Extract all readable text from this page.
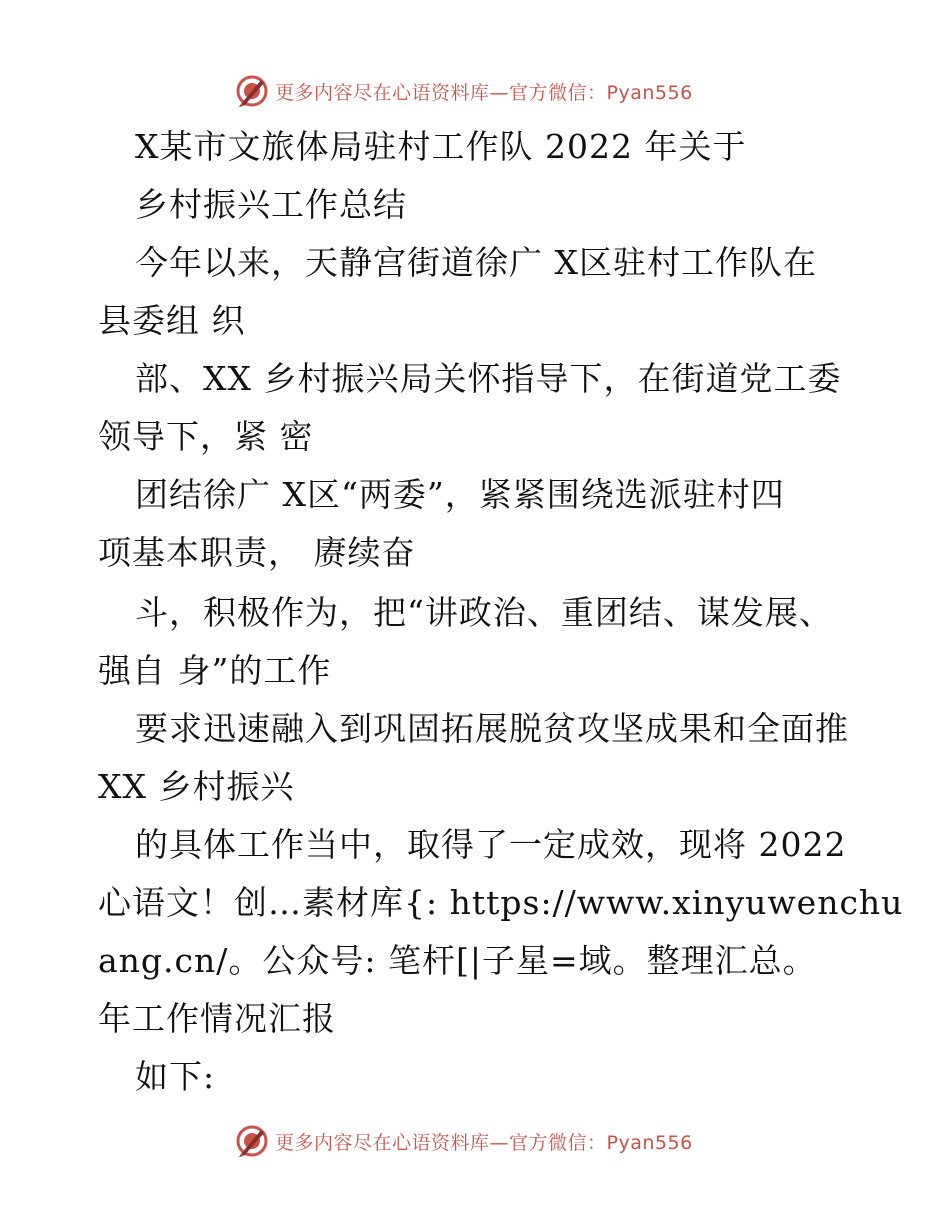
更多内容尽在心语资料库—官方微信：Pyan556
X某市文旅体局驻村工作队 2022 年关于
乡村振兴工作总结
今年以来，天静宫街道徐广 X区驻村工作队在
县委组 织
部、XX 乡村振兴局关怀指导下，在街道党工委
领导下，紧 密
团结徐广 X区“两委”，紧紧围绕选派驻村四
项基本职责， 赓续奋
斗，积极作为，把“讲政治、重团结、谋发展、
强自 身”的工作
要求迅速融入到巩固拓展脱贫攻坚成果和全面推
XX 乡村振兴
的具体工作当中，取得了一定成效，现将 2022
心语文！创…素材库{: https://www.xinyuwenchu
ang.cn/。公众号: 笔杆[|子星=域。整理汇总。
年工作情况汇报
如下:
更多内容尽在心语资料库—官方微信：Pyan556
